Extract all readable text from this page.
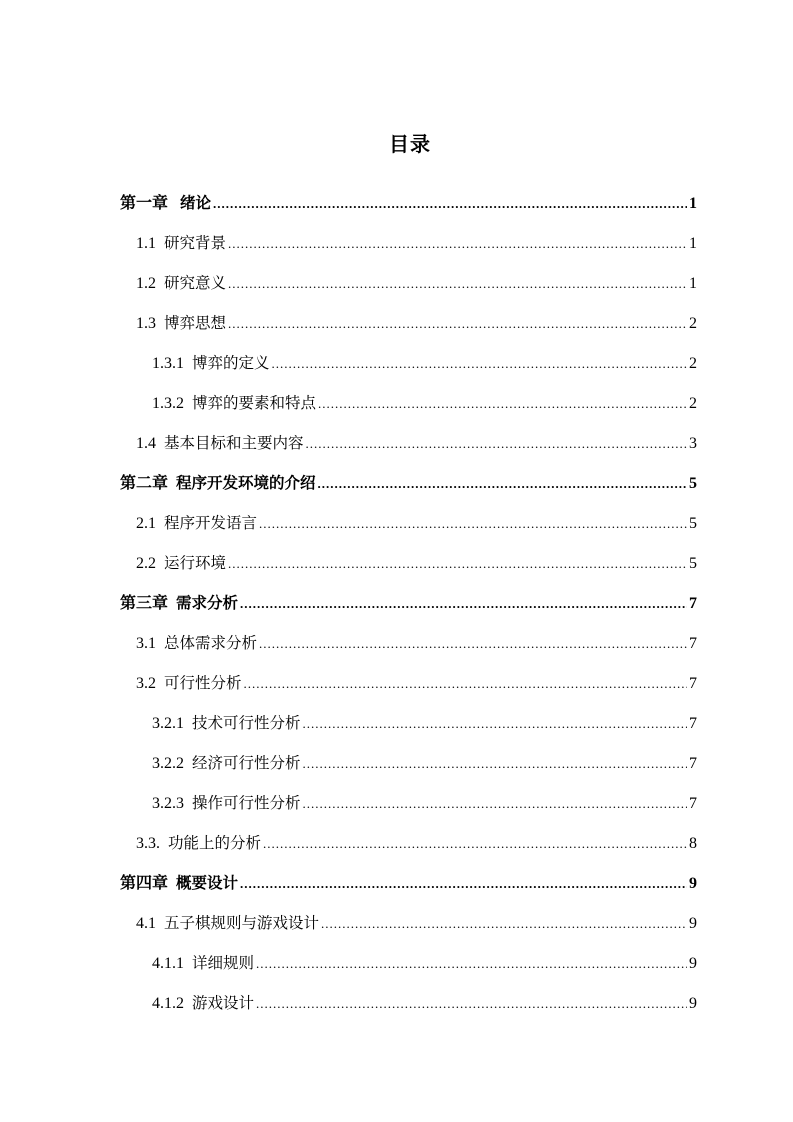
目录
第一章 绪论 .....	1
1.1 研究背景 .....	1
1.2 研究意义 .....	1
1.3 博弈思想 .....	2
1.3.1 博弈的定义 .....	2
1.3.2 博弈的要素和特点 .....	2
1.4 基本目标和主要内容 .....	3
第二章 程序开发环境的介绍 .....	5
2.1 程序开发语言 .....	5
2.2 运行环境 .....	5
第三章 需求分析 .....	7
3.1 总体需求分析 .....	7
3.2 可行性分析 .....	7
3.2.1 技术可行性分析 .....	7
3.2.2 经济可行性分析 .....	7
3.2.3 操作可行性分析 .....	7
3.3. 功能上的分析 .....	8
第四章 概要设计 .....	9
4.1 五子棋规则与游戏设计 .....	9
4.1.1 详细规则 .....	9
4.1.2 游戏设计 .....	9
